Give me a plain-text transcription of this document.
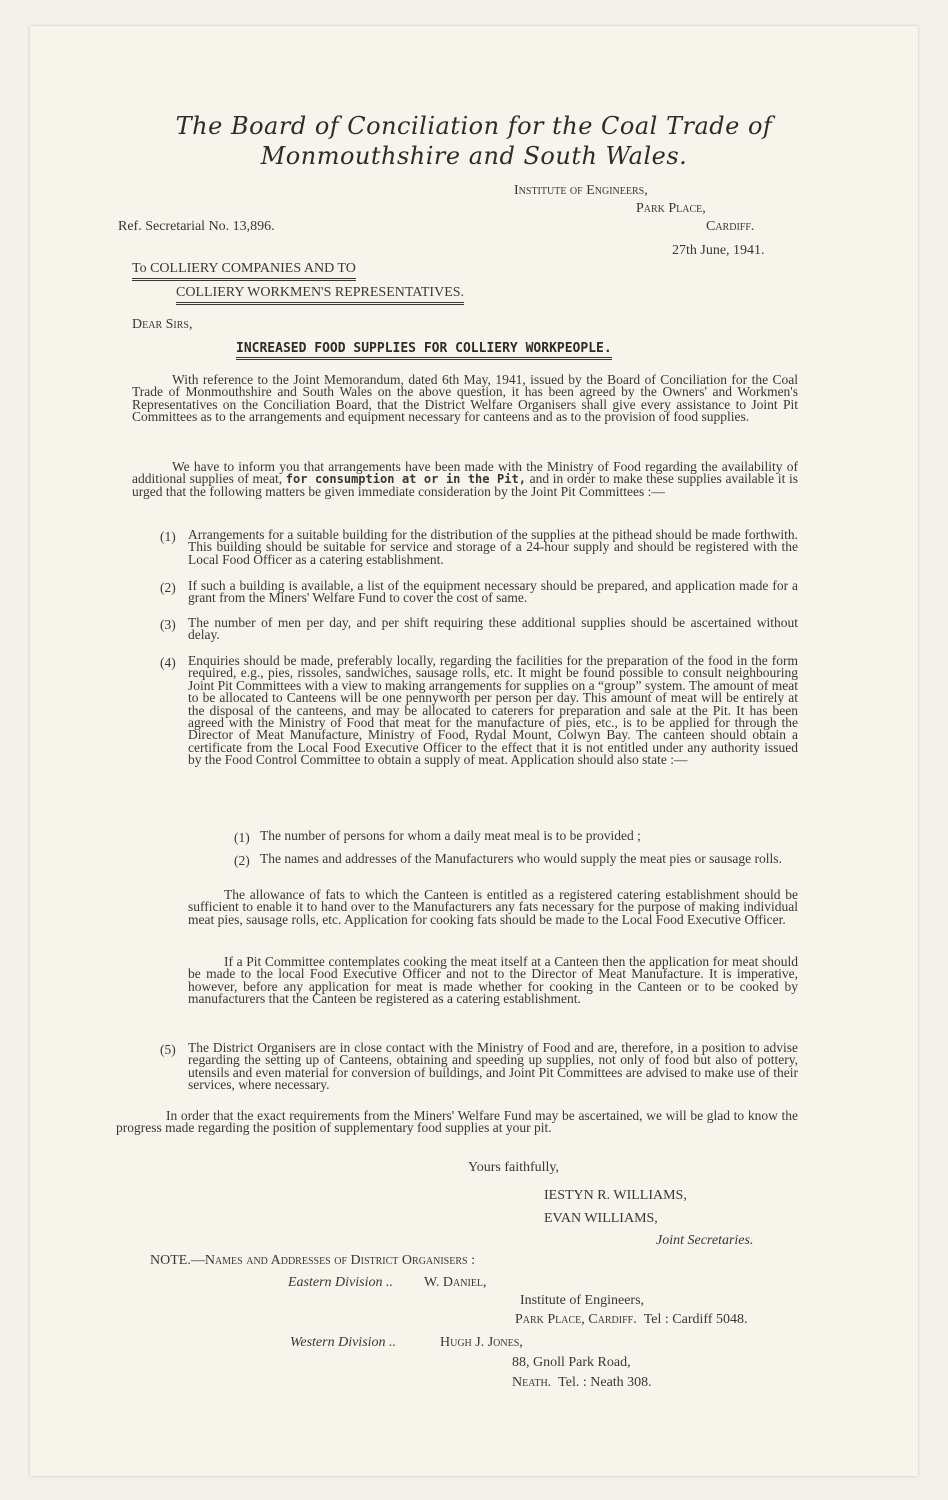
The Board of Conciliation for the Coal Trade of
Monmouthshire and South Wales.
Institute of Engineers,
Park Place,
Cardiff.
Ref. Secretarial No. 13,896.
27th June, 1941.
To COLLIERY COMPANIES AND TO
COLLIERY WORKMEN'S REPRESENTATIVES.
Dear Sirs,
INCREASED FOOD SUPPLIES FOR COLLIERY WORKPEOPLE.
With reference to the Joint Memorandum, dated 6th May, 1941, issued by the Board of Conciliation for the Coal Trade of Monmouthshire and South Wales on the above question, it has been agreed by the Owners' and Workmen's Representatives on the Conciliation Board, that the District Welfare Organisers shall give every assistance to Joint Pit Committees as to the arrangements and equipment necessary for canteens and as to the provision of food supplies.
We have to inform you that arrangements have been made with the Ministry of Food regarding the availability of additional supplies of meat, for consumption at or in the Pit, and in order to make these supplies available it is urged that the following matters be given immediate consideration by the Joint Pit Committees :—
(1) Arrangements for a suitable building for the distribution of the supplies at the pithead should be made forthwith. This building should be suitable for service and storage of a 24-hour supply and should be registered with the Local Food Officer as a catering establishment.
(2) If such a building is available, a list of the equipment necessary should be prepared, and application made for a grant from the Miners' Welfare Fund to cover the cost of same.
(3) The number of men per day, and per shift requiring these additional supplies should be ascertained without delay.
(4) Enquiries should be made, preferably locally, regarding the facilities for the preparation of the food in the form required, e.g., pies, rissoles, sandwiches, sausage rolls, etc. It might be found possible to consult neighbouring Joint Pit Committees with a view to making arrangements for supplies on a “group” system. The amount of meat to be allocated to Canteens will be one pennyworth per person per day. This amount of meat will be entirely at the disposal of the canteens, and may be allocated to caterers for preparation and sale at the Pit. It has been agreed with the Ministry of Food that meat for the manufacture of pies, etc., is to be applied for through the Director of Meat Manufacture, Ministry of Food, Rydal Mount, Colwyn Bay. The canteen should obtain a certificate from the Local Food Executive Officer to the effect that it is not entitled under any authority issued by the Food Control Committee to obtain a supply of meat. Application should also state :—
(1) The number of persons for whom a daily meat meal is to be provided ;
(2) The names and addresses of the Manufacturers who would supply the meat pies or sausage rolls.
The allowance of fats to which the Canteen is entitled as a registered catering establishment should be sufficient to enable it to hand over to the Manufacturers any fats necessary for the purpose of making individual meat pies, sausage rolls, etc. Application for cooking fats should be made to the Local Food Executive Officer.
If a Pit Committee contemplates cooking the meat itself at a Canteen then the application for meat should be made to the local Food Executive Officer and not to the Director of Meat Manufacture. It is imperative, however, before any application for meat is made whether for cooking in the Canteen or to be cooked by manufacturers that the Canteen be registered as a catering establishment.
(5) The District Organisers are in close contact with the Ministry of Food and are, therefore, in a position to advise regarding the setting up of Canteens, obtaining and speeding up supplies, not only of food but also of pottery, utensils and even material for conversion of buildings, and Joint Pit Committees are advised to make use of their services, where necessary.
In order that the exact requirements from the Miners' Welfare Fund may be ascertained, we will be glad to know the progress made regarding the position of supplementary food supplies at your pit.
Yours faithfully,
IESTYN R. WILLIAMS,
EVAN WILLIAMS,
Joint Secretaries.
NOTE.—Names and Addresses of District Organisers :
Eastern Division .. W. Daniel,
Institute of Engineers,
Park Place, Cardiff. Tel : Cardiff 5048.
Western Division ..	Hugh J. Jones,
88, Gnoll Park Road,
Neath. Tel. : Neath 308.
